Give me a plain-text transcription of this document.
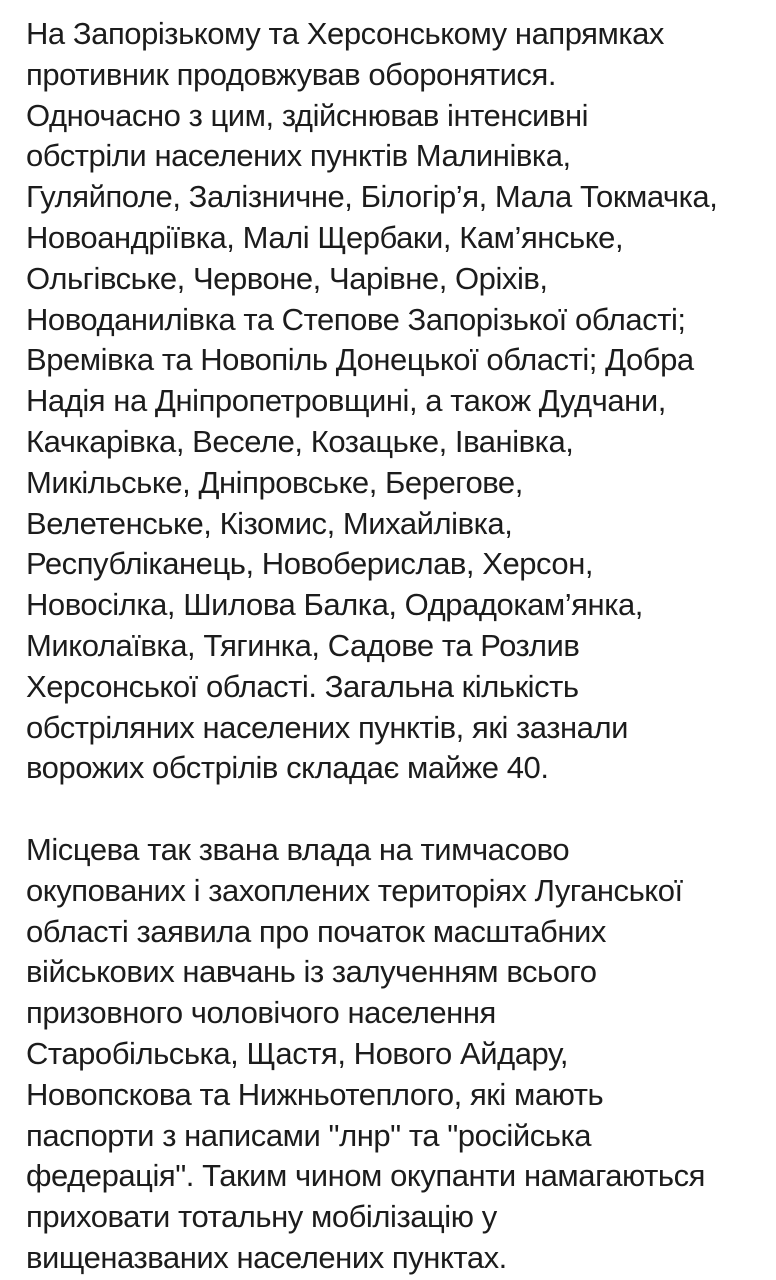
На Запорізькому та Херсонському напрямках
противник продовжував оборонятися.
Одночасно з цим, здійснював інтенсивні
обстріли населених пунктів Малинівка,
Гуляйполе, Залізничне, Білогір’я, Мала Токмачка,
Новоандріївка, Малі Щербаки, Кам’янське,
Ольгівське, Червоне, Чарівне, Оріхів,
Новоданилівка та Степове Запорізької області;
Времівка та Новопіль Донецької області; Добра
Надія на Дніпропетровщині, а також Дудчани,
Качкарівка, Веселе, Козацьке, Іванівка,
Микільське, Дніпровське, Берегове,
Велетенське, Кізомис, Михайлівка,
Республіканець, Новоберислав, Херсон,
Новосілка, Шилова Балка, Одрадокам’янка,
Миколаївка, Тягинка, Садове та Розлив
Херсонської області. Загальна кількість
обстріляних населених пунктів, які зазнали
ворожих обстрілів складає майже 40.
Місцева так звана влада на тимчасово
окупованих і захоплених територіях Луганської
області заявила про початок масштабних
військових навчань із залученням всього
призовного чоловічого населення
Старобільська, Щастя, Нового Айдару,
Новопскова та Нижньотеплого, які мають
паспорти з написами "лнр" та "російська
федерація". Таким чином окупанти намагаються
приховати тотальну мобілізацію у
вищеназваних населених пунктах.
